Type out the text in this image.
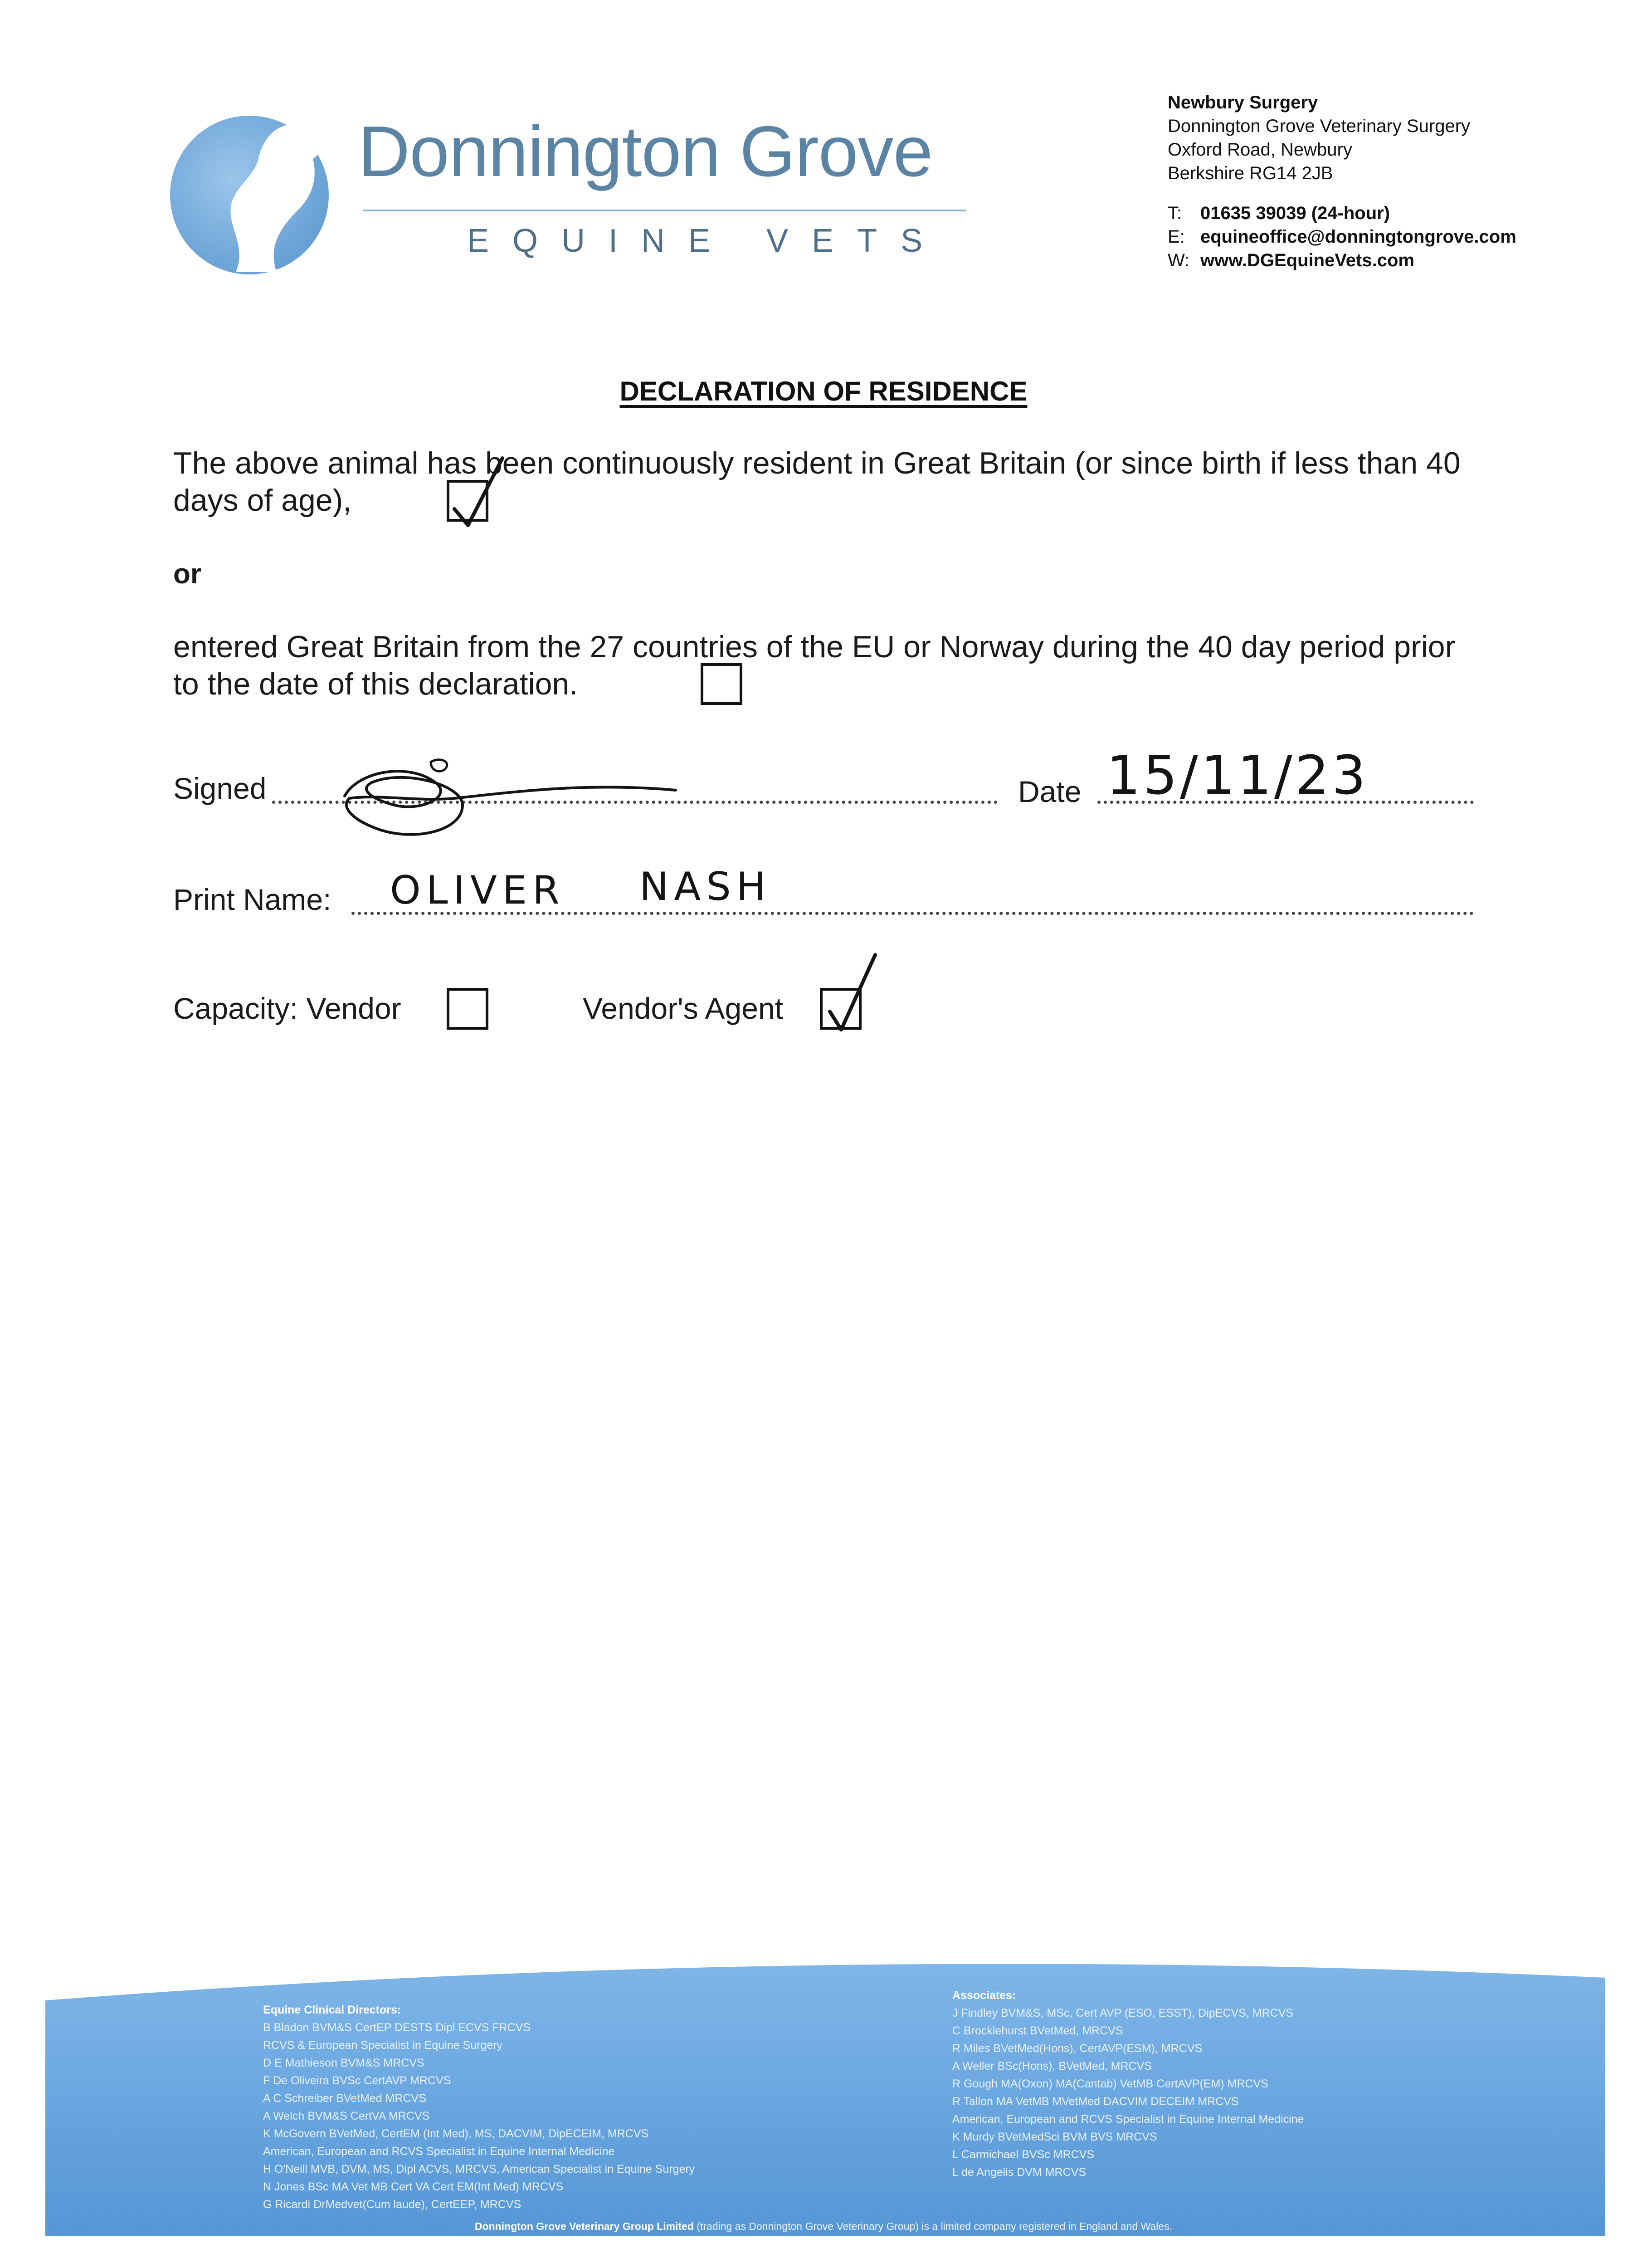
Donnington Grove
EQUINE VETS
Newbury Surgery
Donnington Grove Veterinary Surgery
Oxford Road, Newbury
Berkshire RG14 2JB
T: 01635 39039 (24-hour)
E: equineoffice@donningtongrove.com
W: www.DGEquineVets.com
DECLARATION OF RESIDENCE
The above animal has been continuously resident in Great Britain (or since birth if less than 40 days of age),
or
entered Great Britain from the 27 countries of the EU or Norway during the 40 day period prior to the date of this declaration.
Signed	Date 15/11/23
Print Name: OLIVER NASH
Capacity: Vendor	Vendor's Agent
Equine Clinical Directors:
B Bladon BVM&S CertEP DESTS Dipl ECVS FRCVS
RCVS & European Specialist in Equine Surgery
D E Mathieson BVM&S MRCVS
F De Oliveira BVSc CertAVP MRCVS
A C Schreiber BVetMed MRCVS
A Welch BVM&S CertVA MRCVS
K McGovern BVetMed, CertEM (Int Med), MS, DACVIM, DipECEIM, MRCVS
American, European and RCVS Specialist in Equine Internal Medicine
H O'Neill MVB, DVM, MS, Dipl ACVS, MRCVS, American Specialist in Equine Surgery
N Jones BSc MA Vet MB Cert VA Cert EM(Int Med) MRCVS
G Ricardi DrMedvet(Cum laude), CertEEP, MRCVS
Associates:
J Findley BVM&S, MSc, Cert AVP (ESO, ESST), DipECVS, MRCVS
C Brocklehurst BVetMed, MRCVS
R Miles BVetMed(Hons), CertAVP(ESM), MRCVS
A Weller BSc(Hons), BVetMed, MRCVS
R Gough MA(Oxon) MA(Cantab) VetMB CertAVP(EM) MRCVS
R Tallon MA VetMB MVetMed DACVIM DECEIM MRCVS
American, European and RCVS Specialist in Equine Internal Medicine
K Murdy BVetMedSci BVM BVS MRCVS
L Carmichael BVSc MRCVS
L de Angelis DVM MRCVS
Donnington Grove Veterinary Group Limited (trading as Donnington Grove Veterinary Group) is a limited company registered in England and Wales.
